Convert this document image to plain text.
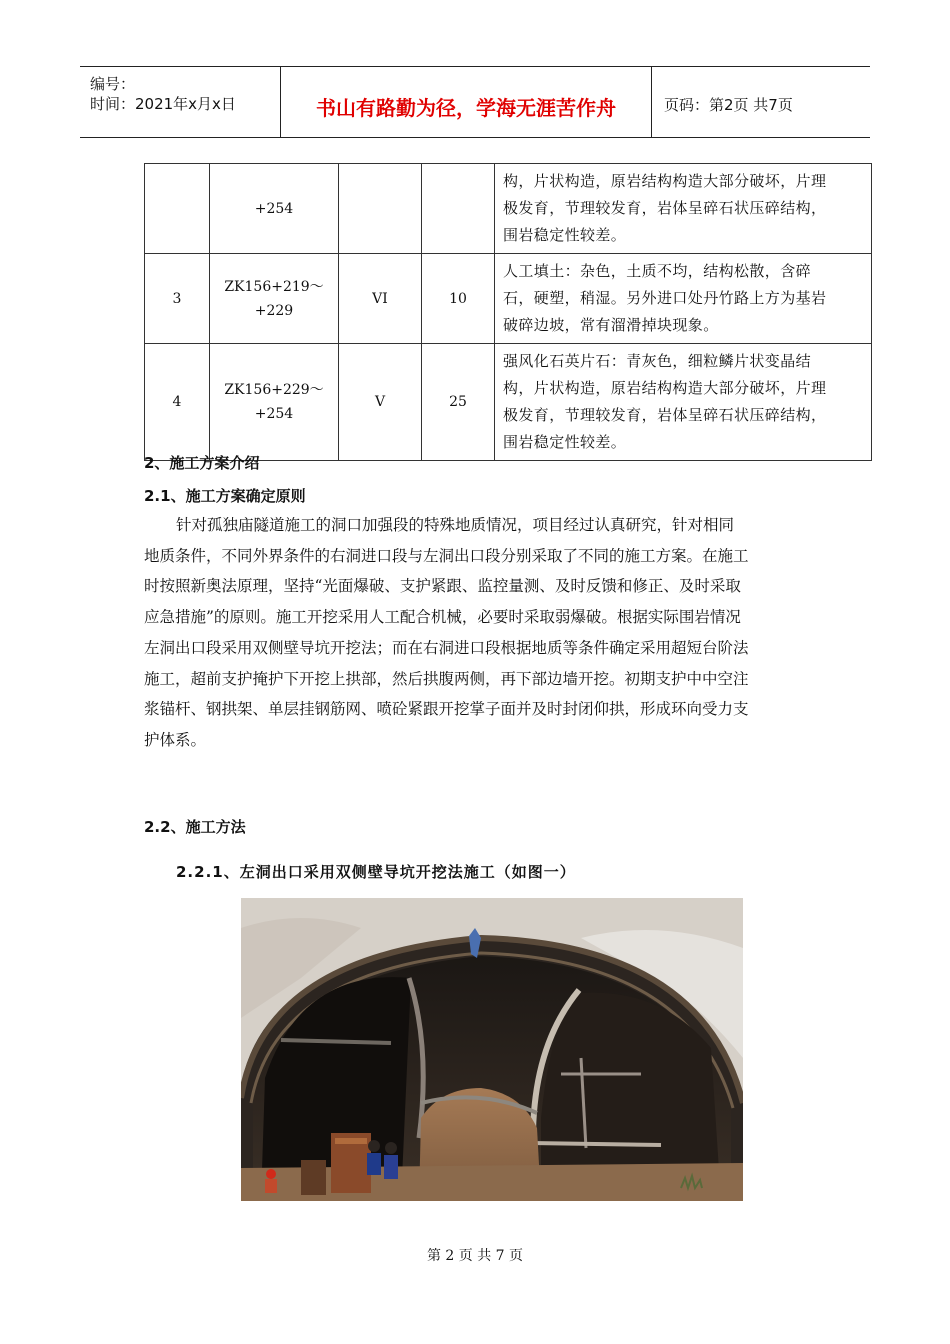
编号：
时间：2021年x月x日	书山有路勤为径，学海无涯苦作舟	页码：第2页 共7页
	+254			构，片状构造，原岩结构构造大部分破坏，片理
极发育，节理较发育，岩体呈碎石状压碎结构，
围岩稳定性较差。

3	ZK156+219～+229	VI	10	人工填土：杂色，土质不均，结构松散，含碎
石，硬塑，稍湿。另外进口处丹竹路上方为基岩
破碎边坡，常有溜滑掉块现象。

4	ZK156+229～+254	V	25	强风化石英片石：青灰色，细粒鳞片状变晶结
构，片状构造，原岩结构构造大部分破坏，片理
极发育，节理较发育，岩体呈碎石状压碎结构，
围岩稳定性较差。
2、施工方案介绍
2.1、施工方案确定原则
针对孤独庙隧道施工的洞口加强段的特殊地质情况，项目经过认真研究，针对相同
地质条件，不同外界条件的右洞进口段与左洞出口段分别采取了不同的施工方案。在施工
时按照新奥法原理，坚持“光面爆破、支护紧跟、监控量测、及时反馈和修正、及时采取
应急措施”的原则。施工开挖采用人工配合机械，必要时采取弱爆破。根据实际围岩情况
左洞出口段采用双侧壁导坑开挖法；而在右洞进口段根据地质等条件确定采用超短台阶法
施工，超前支护掩护下开挖上拱部，然后拱腹两侧，再下部边墙开挖。初期支护中中空注
浆锚杆、钢拱架、单层挂钢筋网、喷砼紧跟开挖掌子面并及时封闭仰拱，形成环向受力支
护体系。
2.2、施工方法
2.2.1、左洞出口采用双侧壁导坑开挖法施工（如图一）
第 2 页 共 7 页
